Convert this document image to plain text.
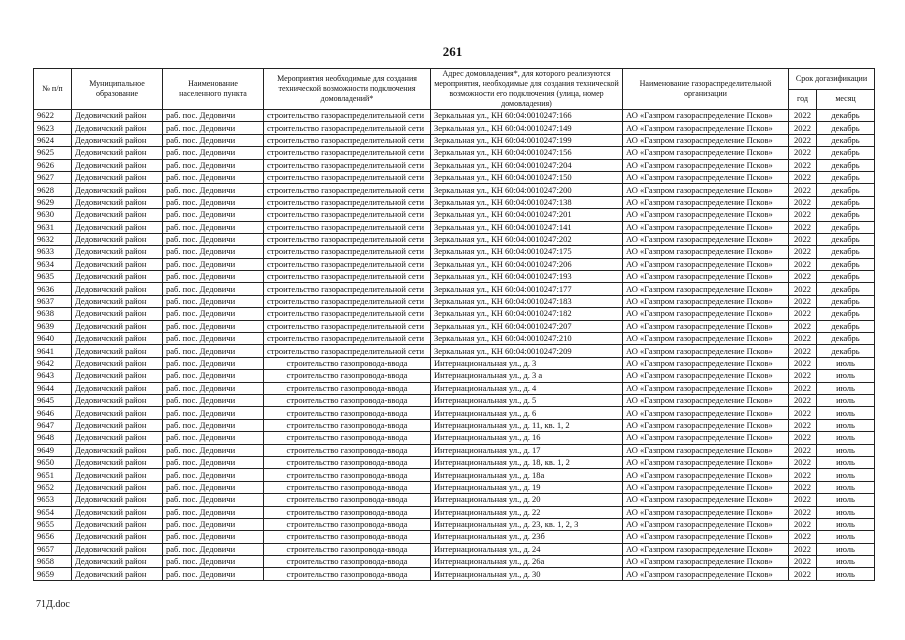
261
№ п/п	Муниципальное образование	Наименование населенного пункта	Мероприятия необходимые для создания технической возможности подключения домовладений*	Адрес домовладения*, для которого реализуются мероприятия, необходимые для создания технической возможности его подключения (улица, номер домовладения)	Наименование газораспределительной организации	Срок догазификации	
						год	месяц
9622	Дедовичский район	раб. пос. Дедовичи	строительство газораспределительной сети	Зеркальная ул., КН 60:04:0010247:166	АО «Газпром газораспределение Псков»	2022	декабрь
9623	Дедовичский район	раб. пос. Дедовичи	строительство газораспределительной сети	Зеркальная ул., КН 60:04:0010247:149	АО «Газпром газораспределение Псков»	2022	декабрь
9624	Дедовичский район	раб. пос. Дедовичи	строительство газораспределительной сети	Зеркальная ул., КН 60:04:0010247:199	АО «Газпром газораспределение Псков»	2022	декабрь
9625	Дедовичский район	раб. пос. Дедовичи	строительство газораспределительной сети	Зеркальная ул., КН 60:04:0010247:156	АО «Газпром газораспределение Псков»	2022	декабрь
9626	Дедовичский район	раб. пос. Дедовичи	строительство газораспределительной сети	Зеркальная ул., КН 60:04:0010247:204	АО «Газпром газораспределение Псков»	2022	декабрь
9627	Дедовичский район	раб. пос. Дедовичи	строительство газораспределительной сети	Зеркальная ул., КН 60:04:0010247:150	АО «Газпром газораспределение Псков»	2022	декабрь
9628	Дедовичский район	раб. пос. Дедовичи	строительство газораспределительной сети	Зеркальная ул., КН 60:04:0010247:200	АО «Газпром газораспределение Псков»	2022	декабрь
9629	Дедовичский район	раб. пос. Дедовичи	строительство газораспределительной сети	Зеркальная ул., КН 60:04:0010247:138	АО «Газпром газораспределение Псков»	2022	декабрь
9630	Дедовичский район	раб. пос. Дедовичи	строительство газораспределительной сети	Зеркальная ул., КН 60:04:0010247:201	АО «Газпром газораспределение Псков»	2022	декабрь
9631	Дедовичский район	раб. пос. Дедовичи	строительство газораспределительной сети	Зеркальная ул., КН 60:04:0010247:141	АО «Газпром газораспределение Псков»	2022	декабрь
9632	Дедовичский район	раб. пос. Дедовичи	строительство газораспределительной сети	Зеркальная ул., КН 60:04:0010247:202	АО «Газпром газораспределение Псков»	2022	декабрь
9633	Дедовичский район	раб. пос. Дедовичи	строительство газораспределительной сети	Зеркальная ул., КН 60:04:0010247:175	АО «Газпром газораспределение Псков»	2022	декабрь
9634	Дедовичский район	раб. пос. Дедовичи	строительство газораспределительной сети	Зеркальная ул., КН 60:04:0010247:206	АО «Газпром газораспределение Псков»	2022	декабрь
9635	Дедовичский район	раб. пос. Дедовичи	строительство газораспределительной сети	Зеркальная ул., КН 60:04:0010247:193	АО «Газпром газораспределение Псков»	2022	декабрь
9636	Дедовичский район	раб. пос. Дедовичи	строительство газораспределительной сети	Зеркальная ул., КН 60:04:0010247:177	АО «Газпром газораспределение Псков»	2022	декабрь
9637	Дедовичский район	раб. пос. Дедовичи	строительство газораспределительной сети	Зеркальная ул., КН 60:04:0010247:183	АО «Газпром газораспределение Псков»	2022	декабрь
9638	Дедовичский район	раб. пос. Дедовичи	строительство газораспределительной сети	Зеркальная ул., КН 60:04:0010247:182	АО «Газпром газораспределение Псков»	2022	декабрь
9639	Дедовичский район	раб. пос. Дедовичи	строительство газораспределительной сети	Зеркальная ул., КН 60:04:0010247:207	АО «Газпром газораспределение Псков»	2022	декабрь
9640	Дедовичский район	раб. пос. Дедовичи	строительство газораспределительной сети	Зеркальная ул., КН 60:04:0010247:210	АО «Газпром газораспределение Псков»	2022	декабрь
9641	Дедовичский район	раб. пос. Дедовичи	строительство газораспределительной сети	Зеркальная ул., КН 60:04:0010247:209	АО «Газпром газораспределение Псков»	2022	декабрь
9642	Дедовичский район	раб. пос. Дедовичи	строительство газопровода-ввода	Интернациональная ул., д. 3	АО «Газпром газораспределение Псков»	2022	июль
9643	Дедовичский район	раб. пос. Дедовичи	строительство газопровода-ввода	Интернациональная ул., д. 3 а	АО «Газпром газораспределение Псков»	2022	июль
9644	Дедовичский район	раб. пос. Дедовичи	строительство газопровода-ввода	Интернациональная ул., д. 4	АО «Газпром газораспределение Псков»	2022	июль
9645	Дедовичский район	раб. пос. Дедовичи	строительство газопровода-ввода	Интернациональная ул., д. 5	АО «Газпром газораспределение Псков»	2022	июль
9646	Дедовичский район	раб. пос. Дедовичи	строительство газопровода-ввода	Интернациональная ул., д. 6	АО «Газпром газораспределение Псков»	2022	июль
9647	Дедовичский район	раб. пос. Дедовичи	строительство газопровода-ввода	Интернациональная ул., д. 11, кв. 1, 2	АО «Газпром газораспределение Псков»	2022	июль
9648	Дедовичский район	раб. пос. Дедовичи	строительство газопровода-ввода	Интернациональная ул., д. 16	АО «Газпром газораспределение Псков»	2022	июль
9649	Дедовичский район	раб. пос. Дедовичи	строительство газопровода-ввода	Интернациональная ул., д. 17	АО «Газпром газораспределение Псков»	2022	июль
9650	Дедовичский район	раб. пос. Дедовичи	строительство газопровода-ввода	Интернациональная ул., д. 18, кв. 1, 2	АО «Газпром газораспределение Псков»	2022	июль
9651	Дедовичский район	раб. пос. Дедовичи	строительство газопровода-ввода	Интернациональная ул., д. 18а	АО «Газпром газораспределение Псков»	2022	июль
9652	Дедовичский район	раб. пос. Дедовичи	строительство газопровода-ввода	Интернациональная ул., д. 19	АО «Газпром газораспределение Псков»	2022	июль
9653	Дедовичский район	раб. пос. Дедовичи	строительство газопровода-ввода	Интернациональная ул., д. 20	АО «Газпром газораспределение Псков»	2022	июль
9654	Дедовичский район	раб. пос. Дедовичи	строительство газопровода-ввода	Интернациональная ул., д. 22	АО «Газпром газораспределение Псков»	2022	июль
9655	Дедовичский район	раб. пос. Дедовичи	строительство газопровода-ввода	Интернациональная ул., д. 23, кв. 1, 2, 3	АО «Газпром газораспределение Псков»	2022	июль
9656	Дедовичский район	раб. пос. Дедовичи	строительство газопровода-ввода	Интернациональная ул., д. 23б	АО «Газпром газораспределение Псков»	2022	июль
9657	Дедовичский район	раб. пос. Дедовичи	строительство газопровода-ввода	Интернациональная ул., д. 24	АО «Газпром газораспределение Псков»	2022	июль
9658	Дедовичский район	раб. пос. Дедовичи	строительство газопровода-ввода	Интернациональная ул., д. 26а	АО «Газпром газораспределение Псков»	2022	июль
9659	Дедовичский район	раб. пос. Дедовичи	строительство газопровода-ввода	Интернациональная ул., д. 30	АО «Газпром газораспределение Псков»	2022	июль
71Д.doc
